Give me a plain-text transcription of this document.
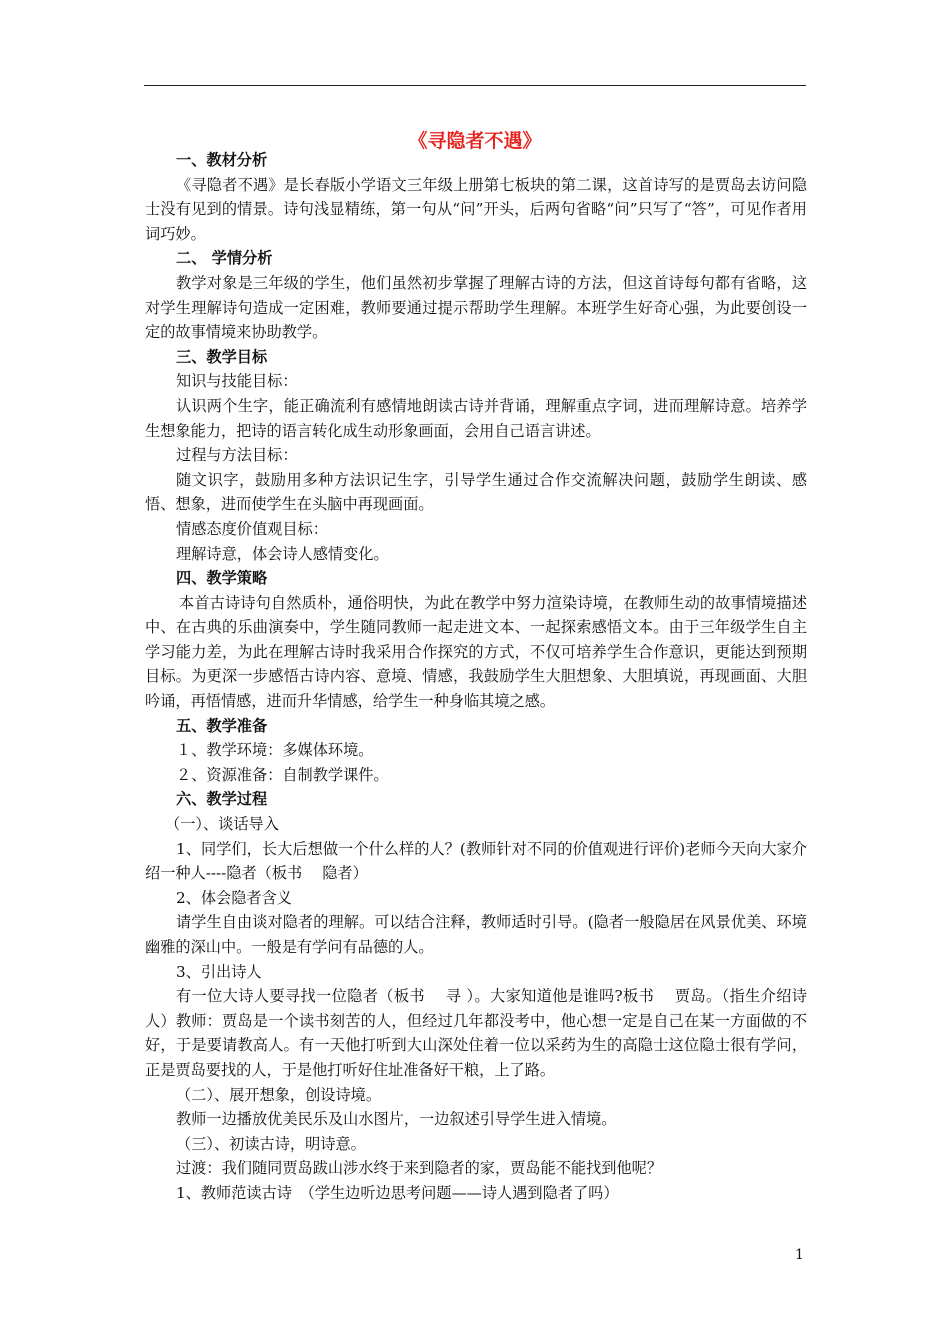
《寻隐者不遇》

一、教材分析

《寻隐者不遇》是长春版小学语文三年级上册第七板块的第二课，这首诗写的是贾岛去访问隐士没有见到的情景。诗句浅显精练，第一句从“问”开头，后两句省略“问”只写了“答”，可见作者用词巧妙。

二、 学情分析

教学对象是三年级的学生，他们虽然初步掌握了理解古诗的方法，但这首诗每句都有省略，这对学生理解诗句造成一定困难，教师要通过提示帮助学生理解。本班学生好奇心强，为此要创设一定的故事情境来协助教学。

三、教学目标

知识与技能目标：

认识两个生字，能正确流利有感情地朗读古诗并背诵，理解重点字词，进而理解诗意。培养学生想象能力，把诗的语言转化成生动形象画面，会用自己语言讲述。

过程与方法目标：

随文识字，鼓励用多种方法识记生字，引导学生通过合作交流解决问题，鼓励学生朗读、感悟、想象，进而使学生在头脑中再现画面。

情感态度价值观目标：

理解诗意，体会诗人感情变化。

四、教学策略

本首古诗诗句自然质朴，通俗明快，为此在教学中努力渲染诗境，在教师生动的故事情境描述中、在古典的乐曲演奏中，学生随同教师一起走进文本、一起探索感悟文本。由于三年级学生自主学习能力差，为此在理解古诗时我采用合作探究的方式，不仅可培养学生合作意识，更能达到预期目标。为更深一步感悟古诗内容、意境、情感，我鼓励学生大胆想象、大胆填说，再现画面、大胆吟诵，再悟情感，进而升华情感，给学生一种身临其境之感。

五、教学准备

１、教学环境：多媒体环境。

２、资源准备：自制教学课件。

六、教学过程

（一）、谈话导入

1、同学们，长大后想做一个什么样的人？(教师针对不同的价值观进行评价)老师今天向大家介绍一种人----隐者（板书　 隐者）

2、体会隐者含义

请学生自由谈对隐者的理解。可以结合注释，教师适时引导。(隐者一般隐居在风景优美、环境幽雅的深山中。一般是有学问有品德的人。

3、引出诗人

有一位大诗人要寻找一位隐者（板书　 寻 ）。大家知道他是谁吗?板书　 贾岛。（指生介绍诗人）教师：贾岛是一个读书刻苦的人，但经过几年都没考中，他心想一定是自己在某一方面做的不好，于是要请教高人。有一天他打听到大山深处住着一位以采药为生的高隐士这位隐士很有学问，正是贾岛要找的人，于是他打听好住址准备好干粮，上了路。

（二）、展开想象，创设诗境。

教师一边播放优美民乐及山水图片，一边叙述引导学生进入情境。

（三）、初读古诗，明诗意。

过渡：我们随同贾岛跋山涉水终于来到隐者的家，贾岛能不能找到他呢？

1、教师范读古诗　（学生边听边思考问题——诗人遇到隐者了吗）

1
